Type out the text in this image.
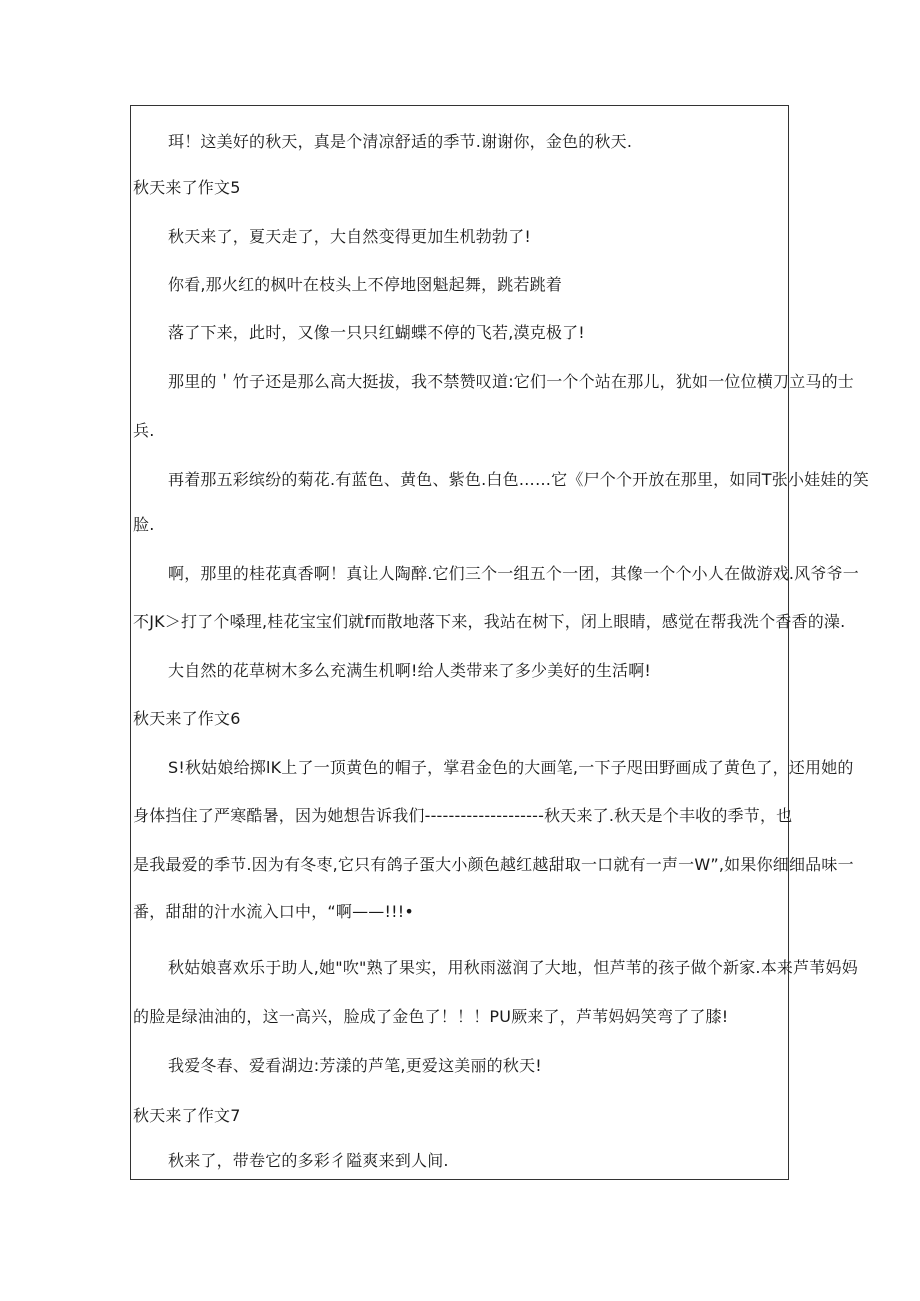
珥！这美好的秋天，真是个清凉舒适的季节.谢谢你，金色的秋天.
秋天来了作文5
秋天来了，夏天走了，大自然变得更加生机勃勃了!
你看,那火红的枫叶在枝头上不停地囹魁起舞，跳若跳着
落了下来，此时，又像一只只红蝴蝶不停的飞若,漠克极了!
那里的＇竹子还是那么高大挺拔，我不禁赞叹道:它们一个个站在那儿，犹如一位位横刀立马的士
兵.
再着那五彩缤纷的菊花.有蓝色、黄色、紫色.白色……它《尸个个开放在那里，如同T张小娃娃的笑
脸.
啊，那里的桂花真香啊！真让人陶醉.它们三个一组五个一团，其像一个个小人在做游戏.风爷爷一
不JK＞打了个嗓理,桂花宝宝们就f而散地落下来，我站在树下，闭上眼睛，感觉在帮我洗个香香的澡.
大自然的花草树木多么充满生机啊!给人类带来了多少美好的生活啊!
秋天来了作文6
S!秋姑娘给掷lK上了一顶黄色的帽子，掌君金色的大画笔,一下子咫田野画成了黄色了，还用她的
身体挡住了严寒酷暑，因为她想告诉我们--------------------秋天来了.秋天是个丰收的季节，也
是我最爱的季节.因为有冬枣,它只有鸽子蛋大小颜色越红越甜取一口就有一声一W”,如果你细细品味一
番，甜甜的汁水流入口中，“啊——!!!•
秋姑娘喜欢乐于助人,她"吹"熟了果实，用秋雨滋润了大地，怛芦苇的孩子做个新家.本来芦苇妈妈
的脸是绿油油的，这一高兴，脸成了金色了！！！PU厥来了，芦苇妈妈笑弯了了膝!
我爱冬春、爱看湖边:芳漾的芦笔,更爱这美丽的秋天!
秋天来了作文7
秋来了，带卷它的多彩彳隘爽来到人间.
